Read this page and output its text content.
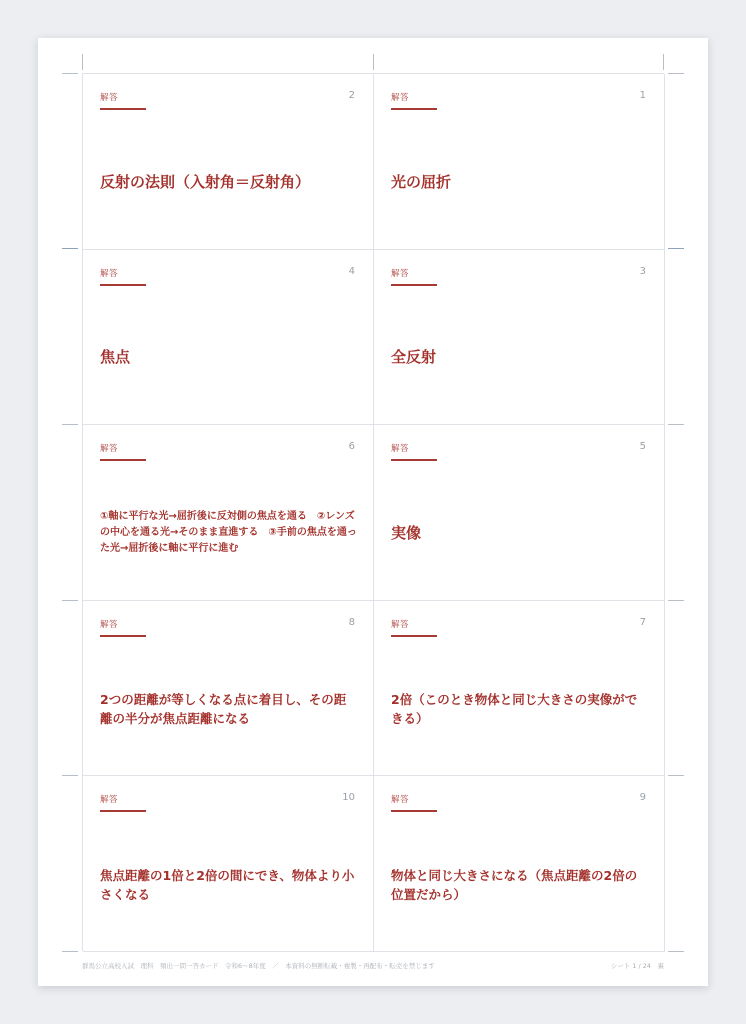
解答	2
反射の法則（入射角＝反射角）
解答	1
光の屈折
解答	4
焦点
解答	3
全反射
解答	6
①軸に平行な光→屈折後に反対側の焦点を通る　②レンズの中心を通る光→そのまま直進する　③手前の焦点を通った光→屈折後に軸に平行に進む
解答	5
実像
解答	8
2つの距離が等しくなる点に着目し、その距離の半分が焦点距離になる
解答	7
2倍（このとき物体と同じ大きさの実像ができる）
解答	10
焦点距離の1倍と2倍の間にでき、物体より小さくなる
解答	9
物体と同じ大きさになる（焦点距離の2倍の位置だから）
群馬公立高校入試　理科　頻出一問一答カード　令和6〜8年度　／　本資料の無断転載・複製・再配布・転売を禁じます	シート 1 / 24　裏
